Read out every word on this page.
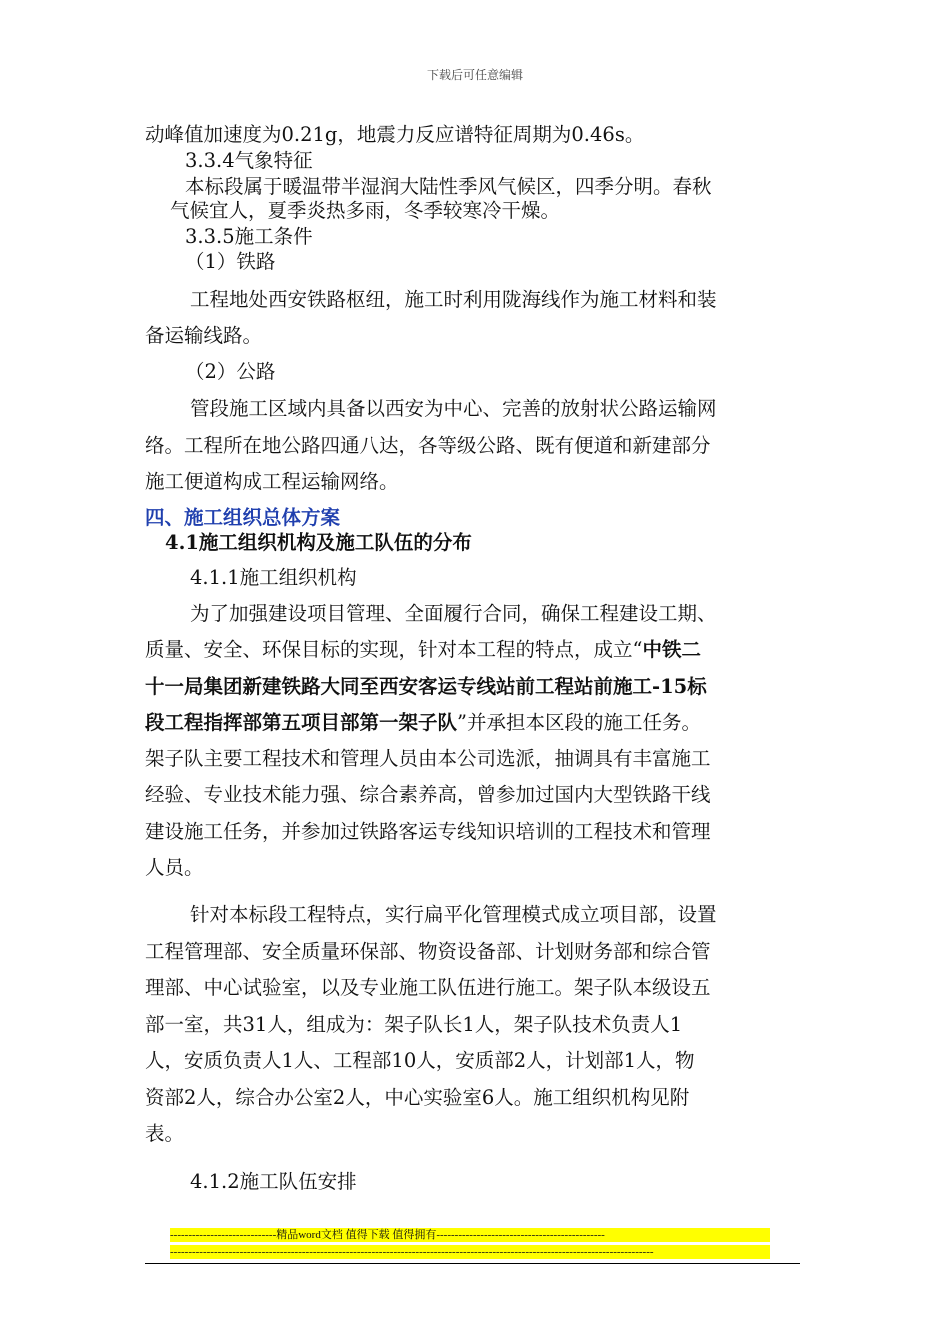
下载后可任意编辑
动峰值加速度为0.21g，地震力反应谱特征周期为0.46s。
3.3.4气象特征
本标段属于暖温带半湿润大陆性季风气候区，四季分明。春秋
气候宜人，夏季炎热多雨，冬季较寒冷干燥。
3.3.5施工条件
（1）铁路
工程地处西安铁路枢纽，施工时利用陇海线作为施工材料和装
备运输线路。
（2）公路
管段施工区域内具备以西安为中心、完善的放射状公路运输网
络。工程所在地公路四通八达，各等级公路、既有便道和新建部分
施工便道构成工程运输网络。
四、施工组织总体方案
4.1施工组织机构及施工队伍的分布
4.1.1施工组织机构
为了加强建设项目管理、全面履行合同，确保工程建设工期、
质量、安全、环保目标的实现，针对本工程的特点，成立“中铁二
十一局集团新建铁路大同至西安客运专线站前工程站前施工-15标
段工程指挥部第五项目部第一架子队”并承担本区段的施工任务。
架子队主要工程技术和管理人员由本公司选派，抽调具有丰富施工
经验、专业技术能力强、综合素养高，曾参加过国内大型铁路干线
建设施工任务，并参加过铁路客运专线知识培训的工程技术和管理
人员。
针对本标段工程特点，实行扁平化管理模式成立项目部，设置
工程管理部、安全质量环保部、物资设备部、计划财务部和综合管
理部、中心试验室，以及专业施工队伍进行施工。架子队本级设五
部一室，共31人，组成为：架子队长1人，架子队技术负责人1
人，安质负责人1人、工程部10人，安质部2人，计划部1人，物
资部2人，综合办公室2人，中心实验室6人。施工组织机构见附
表。
4.1.2施工队伍安排
-----------------------------精品word文档 值得下载 值得拥有----------------------------------------------
------------------------------------------------------------------------------------------------------------------------------------
